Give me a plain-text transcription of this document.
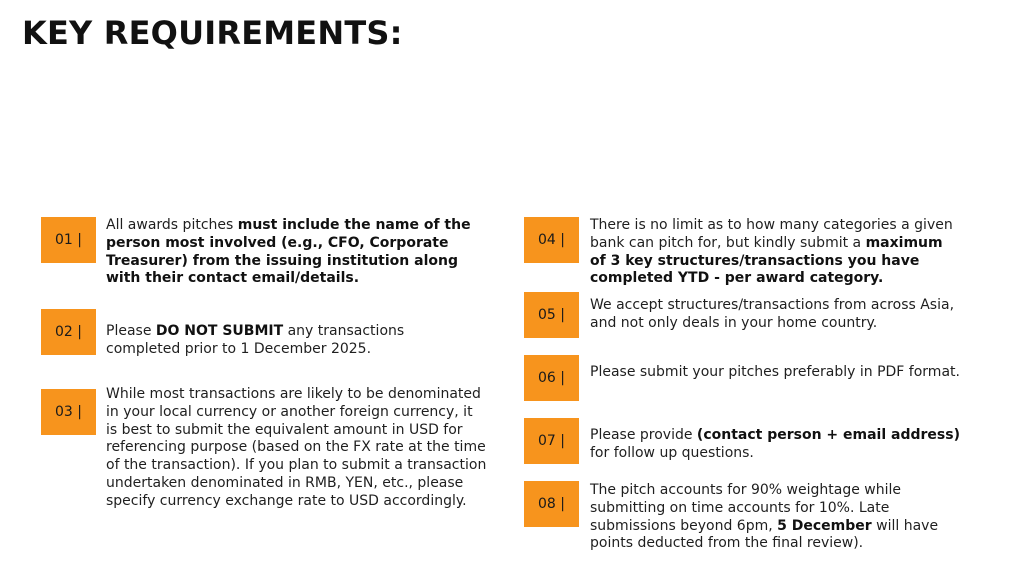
KEY REQUIREMENTS:
01 |
All awards pitches must include the name of the person most involved (e.g., CFO, Corporate Treasurer) from the issuing institution along with their contact email/details.
02 | Please DO NOT SUBMIT any transactions completed prior to 1 December 2025.
03 |
While most transactions are likely to be denominated in your local currency or another foreign currency, it is best to submit the equivalent amount in USD for referencing purpose (based on the FX rate at the time of the transaction). If you plan to submit a transaction undertaken denominated in RMB, YEN, etc., please specify currency exchange rate to USD accordingly.
04 |
There is no limit as to how many categories a given bank can pitch for, but kindly submit a maximum of 3 key structures/transactions you have completed YTD - per award category.
05 |
We accept structures/transactions from across Asia, and not only deals in your home country.
06 | Please submit your pitches preferably in PDF format.
07 | Please provide (contact person + email address) for follow up questions.
08 |
The pitch accounts for 90% weightage while submitting on time accounts for 10%. Late submissions beyond 6pm, 5 December will have points deducted from the final review).
